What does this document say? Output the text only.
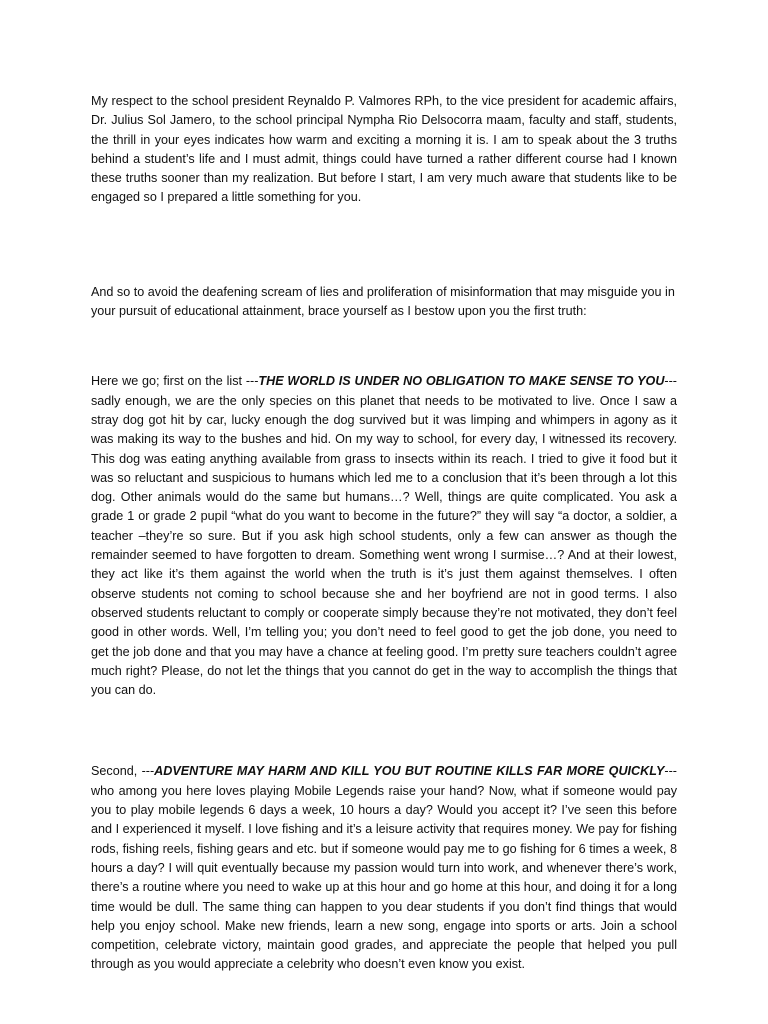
My respect to the school president Reynaldo P. Valmores RPh, to the vice president for academic affairs, Dr. Julius Sol Jamero, to the school principal Nympha Rio Delsocorra maam, faculty and staff, students, the thrill in your eyes indicates how warm and exciting a morning it is. I am to speak about the 3 truths behind a student’s life and I must admit, things could have turned a rather different course had I known these truths sooner than my realization. But before I start, I am very much aware that students like to be engaged so I prepared a little something for you.

And so to avoid the deafening scream of lies and proliferation of misinformation that may misguide you in your pursuit of educational attainment, brace yourself as I bestow upon you the first truth:

Here we go; first on the list ---THE WORLD IS UNDER NO OBLIGATION TO MAKE SENSE TO YOU--- sadly enough, we are the only species on this planet that needs to be motivated to live. Once I saw a stray dog got hit by car, lucky enough the dog survived but it was limping and whimpers in agony as it was making its way to the bushes and hid. On my way to school, for every day, I witnessed its recovery. This dog was eating anything available from grass to insects within its reach. I tried to give it food but it was so reluctant and suspicious to humans which led me to a conclusion that it’s been through a lot this dog. Other animals would do the same but humans…? Well, things are quite complicated. You ask a grade 1 or grade 2 pupil “what do you want to become in the future?” they will say “a doctor, a soldier, a teacher –they’re so sure. But if you ask high school students, only a few can answer as though the remainder seemed to have forgotten to dream. Something went wrong I surmise…? And at their lowest, they act like it’s them against the world when the truth is it’s just them against themselves. I often observe students not coming to school because she and her boyfriend are not in good terms. I also observed students reluctant to comply or cooperate simply because they’re not motivated, they don’t feel good in other words. Well, I’m telling you; you don’t need to feel good to get the job done, you need to get the job done and that you may have a chance at feeling good. I’m pretty sure teachers couldn’t agree much right? Please, do not let the things that you cannot do get in the way to accomplish the things that you can do.

Second, ---ADVENTURE MAY HARM AND KILL YOU BUT ROUTINE KILLS FAR MORE QUICKLY--- who among you here loves playing Mobile Legends raise your hand? Now, what if someone would pay you to play mobile legends 6 days a week, 10 hours a day? Would you accept it? I’ve seen this before and I experienced it myself. I love fishing and it’s a leisure activity that requires money. We pay for fishing rods, fishing reels, fishing gears and etc. but if someone would pay me to go fishing for 6 times a week, 8 hours a day? I will quit eventually because my passion would turn into work, and whenever there’s work, there’s a routine where you need to wake up at this hour and go home at this hour, and doing it for a long time would be dull. The same thing can happen to you dear students if you don’t find things that would help you enjoy school. Make new friends, learn a new song, engage into sports or arts. Join a school competition, celebrate victory, maintain good grades, and appreciate the people that helped you pull through as you would appreciate a celebrity who doesn’t even know you exist.
